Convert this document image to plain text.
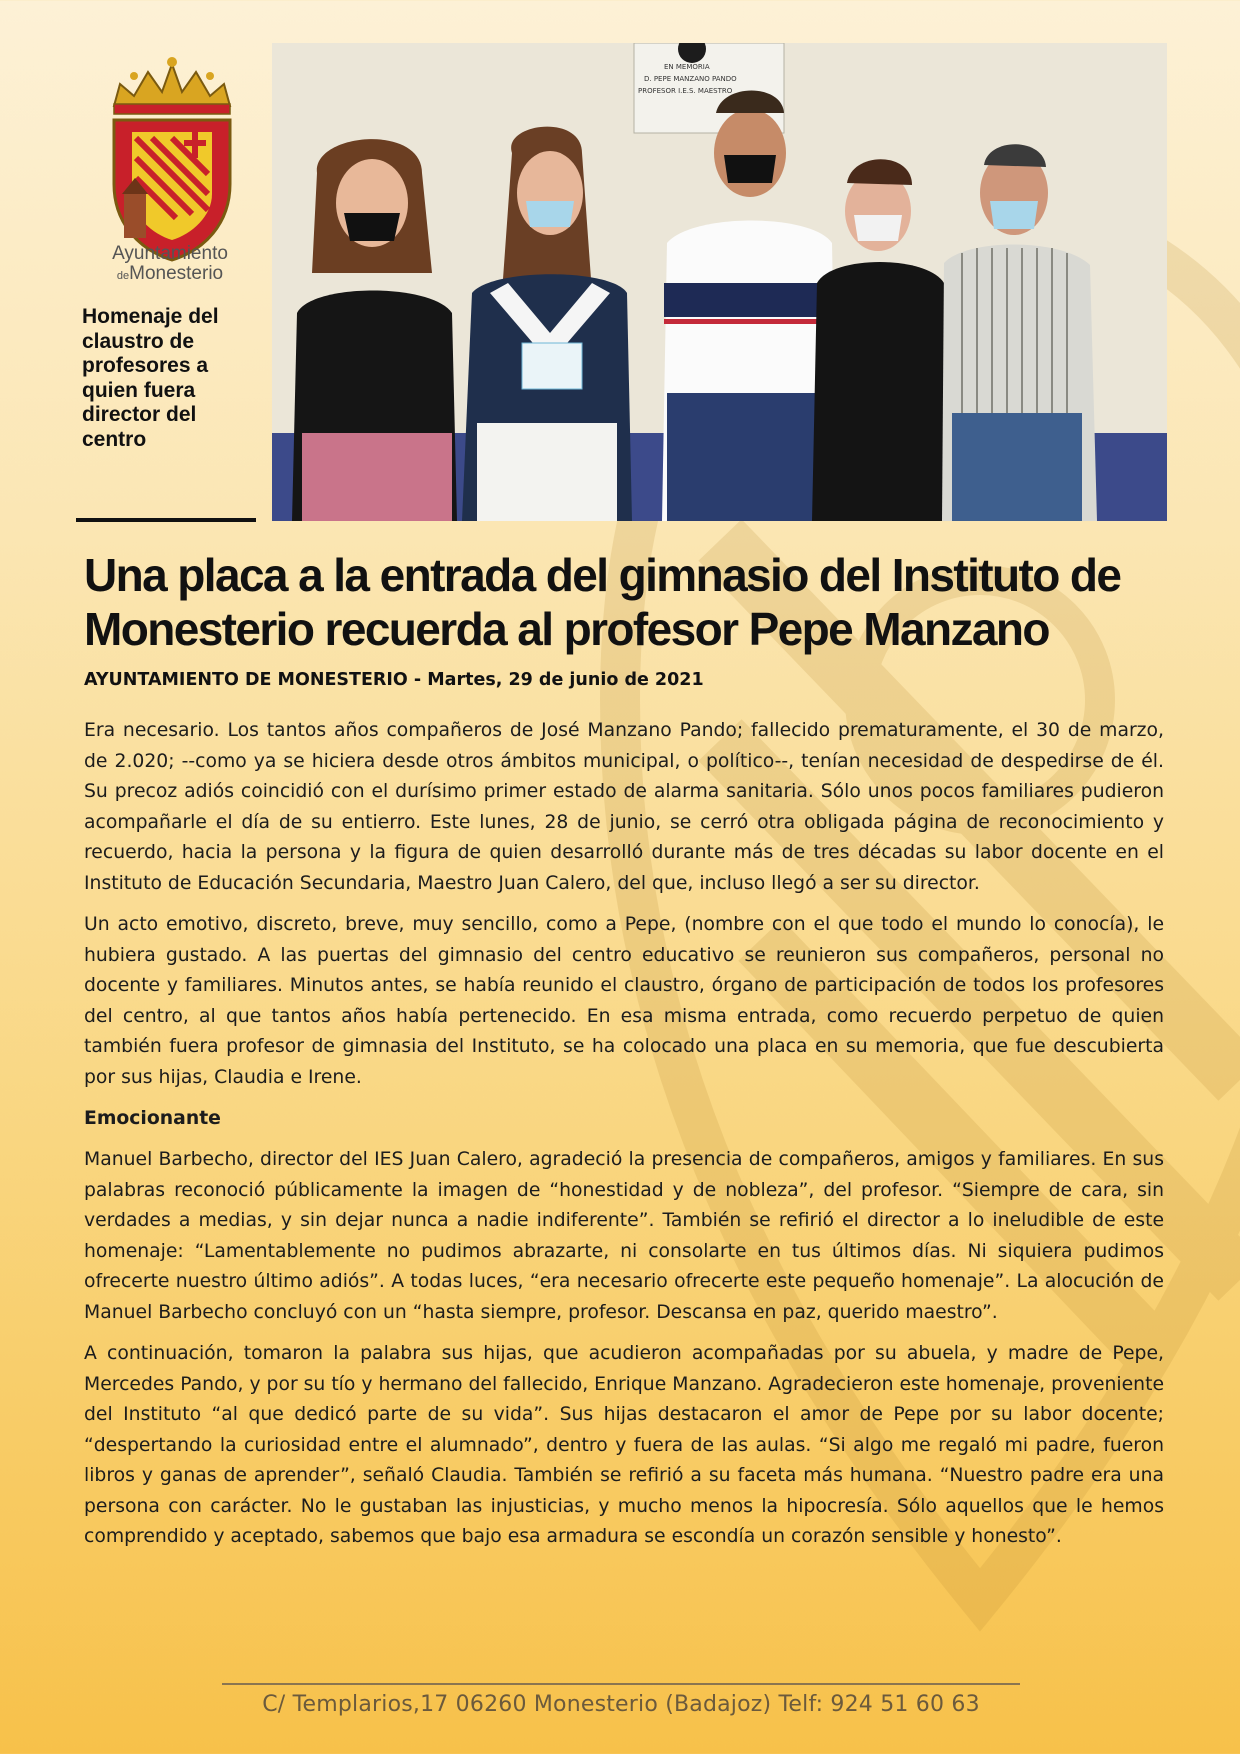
Ayuntamiento
deMonesterio
Homenaje del claustro de profesores a quien fuera director del centro
EN MEMORIA
D. PEPE MANZANO PANDO
PROFESOR I.E.S. MAESTRO
Una placa a la entrada del gimnasio del Instituto de Monesterio recuerda al profesor Pepe Manzano
AYUNTAMIENTO DE MONESTERIO - Martes, 29 de junio de 2021

Era necesario. Los tantos años compañeros de José Manzano Pando; fallecido prematuramente, el 30 de marzo, de 2.020; --como ya se hiciera desde otros ámbitos municipal, o político--, tenían necesidad de despedirse de él. Su precoz adiós coincidió con el durísimo primer estado de alarma sanitaria. Sólo unos pocos familiares pudieron acompañarle el día de su entierro. Este lunes, 28 de junio, se cerró otra obligada página de reconocimiento y recuerdo, hacia la persona y la figura de quien desarrolló durante más de tres décadas su labor docente en el Instituto de Educación Secundaria, Maestro Juan Calero, del que, incluso llegó a ser su director.

Un acto emotivo, discreto, breve, muy sencillo, como a Pepe, (nombre con el que todo el mundo lo conocía), le hubiera gustado. A las puertas del gimnasio del centro educativo se reunieron sus compañeros, personal no docente y familiares. Minutos antes, se había reunido el claustro, órgano de participación de todos los profesores del centro, al que tantos años había pertenecido. En esa misma entrada, como recuerdo perpetuo de quien también fuera profesor de gimnasia del Instituto, se ha colocado una placa en su memoria, que fue descubierta por sus hijas, Claudia e Irene.

Emocionante

Manuel Barbecho, director del IES Juan Calero, agradeció la presencia de compañeros, amigos y familiares. En sus palabras reconoció públicamente la imagen de “honestidad y de nobleza”, del profesor. “Siempre de cara, sin verdades a medias, y sin dejar nunca a nadie indiferente”. También se refirió el director a lo ineludible de este homenaje: “Lamentablemente no pudimos abrazarte, ni consolarte en tus últimos días. Ni siquiera pudimos ofrecerte nuestro último adiós”. A todas luces, “era necesario ofrecerte este pequeño homenaje”. La alocución de Manuel Barbecho concluyó con un “hasta siempre, profesor. Descansa en paz, querido maestro”.

A continuación, tomaron la palabra sus hijas, que acudieron acompañadas por su abuela, y madre de Pepe, Mercedes Pando, y por su tío y hermano del fallecido, Enrique Manzano. Agradecieron este homenaje, proveniente del Instituto “al que dedicó parte de su vida”. Sus hijas destacaron el amor de Pepe por su labor docente; “despertando la curiosidad entre el alumnado”, dentro y fuera de las aulas. “Si algo me regaló mi padre, fueron libros y ganas de aprender”, señaló Claudia. También se refirió a su faceta más humana. “Nuestro padre era una persona con carácter. No le gustaban las injusticias, y mucho menos la hipocresía. Sólo aquellos que le hemos comprendido y aceptado, sabemos que bajo esa armadura se escondía un corazón sensible y honesto”.

C/ Templarios,17 06260 Monesterio (Badajoz) Telf: 924 51 60 63
